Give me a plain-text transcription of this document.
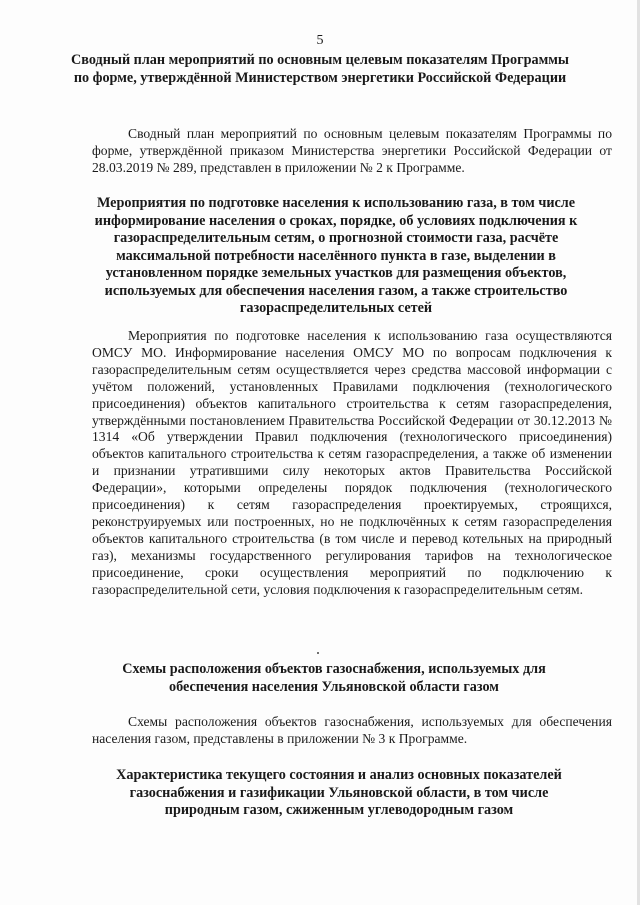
5
Сводный план мероприятий по основным целевым показателям Программы по форме, утверждённой Министерством энергетики Российской Федерации
Сводный план мероприятий по основным целевым показателям Программы по форме, утверждённой приказом Министерства энергетики Российской Федерации от 28.03.2019 № 289, представлен в приложении № 2 к Программе.
Мероприятия по подготовке населения к использованию газа, в том числе информирование населения о сроках, порядке, об условиях подключения к газораспределительным сетям, о прогнозной стоимости газа, расчёте максимальной потребности населённого пункта в газе, выделении в установленном порядке земельных участков для размещения объектов, используемых для обеспечения населения газом, а также строительство газораспределительных сетей
Мероприятия по подготовке населения к использованию газа осуществляются ОМСУ МО. Информирование населения ОМСУ МО по вопросам подключения к газораспределительным сетям осуществляется через средства массовой информации с учётом положений, установленных Правилами подключения (технологического присоединения) объектов капитального строительства к сетям газораспределения, утверждёнными постановлением Правительства Российской Федерации от 30.12.2013 № 1314 «Об утверждении Правил подключения (технологического присоединения) объектов капитального строительства к сетям газораспределения, а также об изменении и признании утратившими силу некоторых актов Правительства Российской Федерации», которыми определены порядок подключения (технологического присоединения) к сетям газораспределения проектируемых, строящихся, реконструируемых или построенных, но не подключённых к сетям газораспределения объектов капитального строительства (в том числе и перевод котельных на природный газ), механизмы государственного регулирования тарифов на технологическое присоединение, сроки осуществления мероприятий по подключению к газораспределительной сети, условия подключения к газораспределительным сетям.
Схемы расположения объектов газоснабжения, используемых для обеспечения населения Ульяновской области газом
Схемы расположения объектов газоснабжения, используемых для обеспечения населения газом, представлены в приложении № 3 к Программе.
Характеристика текущего состояния и анализ основных показателей газоснабжения и газификации Ульяновской области, в том числе природным газом, сжиженным углеводородным газом
